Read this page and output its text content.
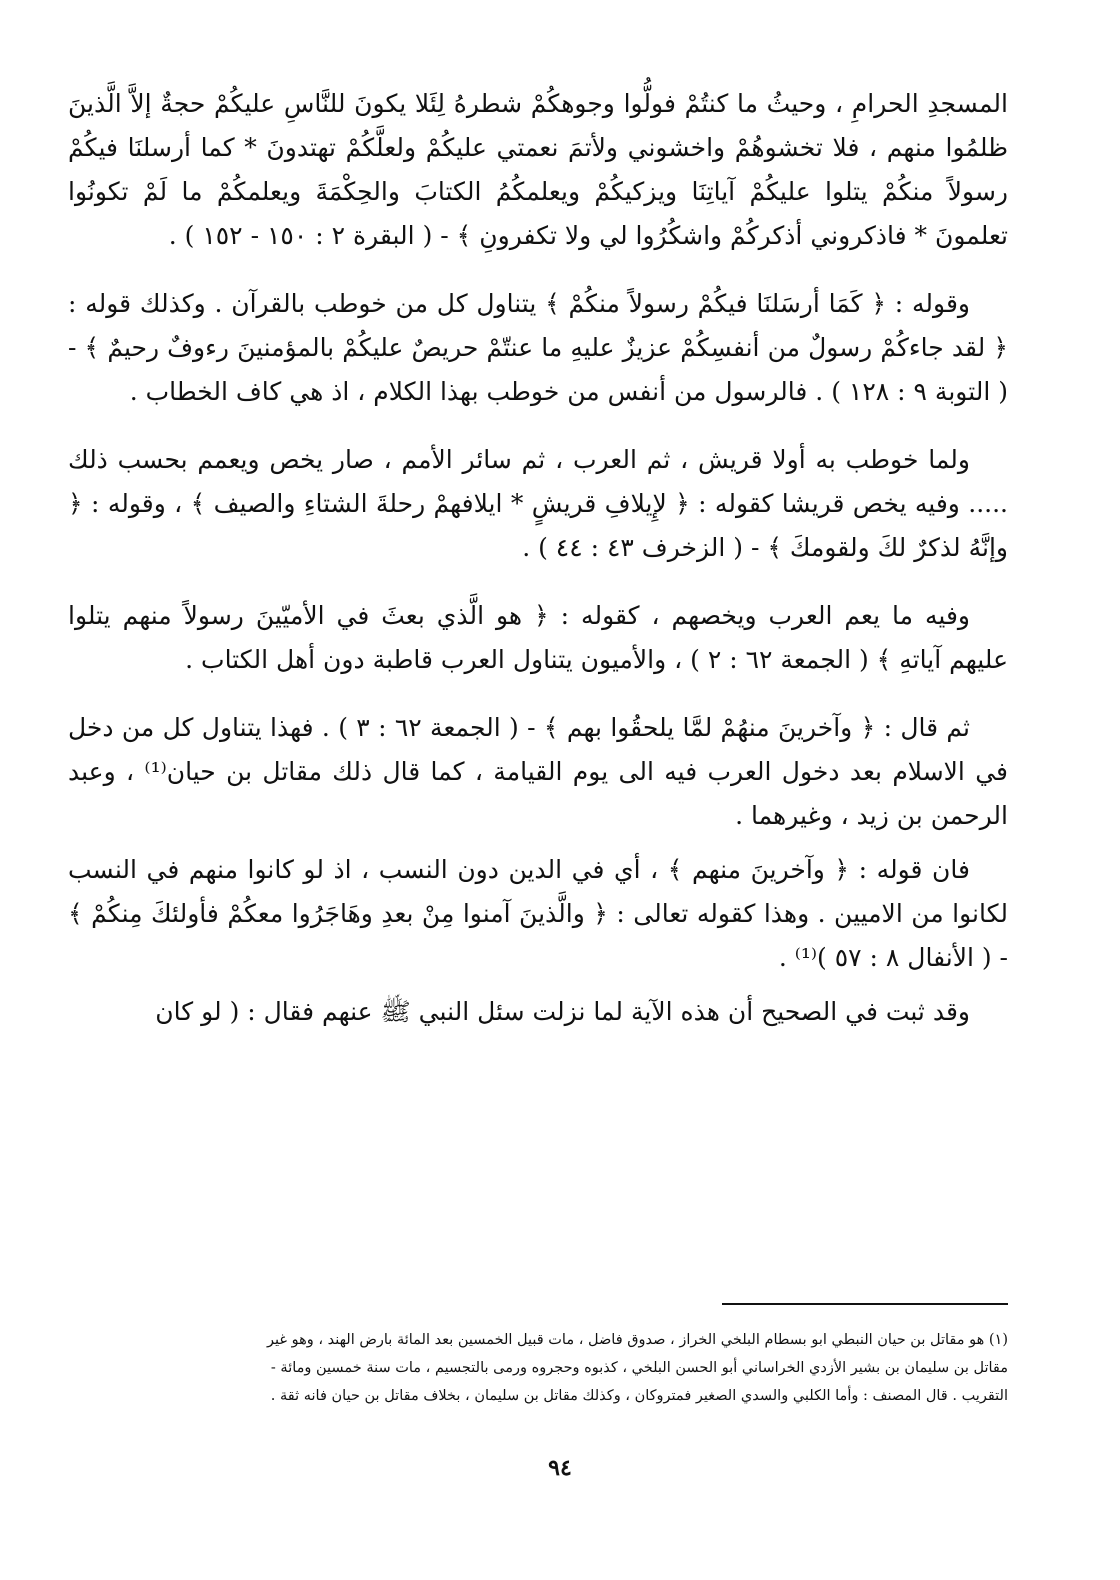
المسجدِ الحرامِ ، وحيثُ ما كنتُمْ فولُّوا وجوهكُمْ شطرهُ لِئَلا يكونَ للنَّاسِ عليكُمْ حجةٌ إلاَّ الَّذينَ ظلمُوا منهم ، فلا تخشوهُمْ واخشوني ولأتمَ نعمتي عليكُمْ ولعلَّكُمْ تهتدونَ * كما أرسلنَا فيكُمْ رسولاً منكُمْ يتلوا عليكُمْ آياتِنَا ويزكيكُمْ ويعلمكُمُ الكتابَ والحِكْمَةَ ويعلمكُمْ ما لَمْ تكونُوا تعلمونَ * فاذكروني أذكركُمْ واشكُرُوا لي ولا تكفرونِ ﴾ - ( البقرة ٢ : ١٥٠ - ١٥٢ ) .

وقوله : ﴿ كَمَا أرسَلنَا فيكُمْ رسولاً منكُمْ ﴾ يتناول كل من خوطب بالقرآن . وكذلك قوله : ﴿ لقد جاءكُمْ رسولٌ من أنفسِكُمْ عزيزٌ عليهِ ما عنتّمْ حريصٌ عليكُمْ بالمؤمنينَ رءوفٌ رحيمٌ ﴾ - ( التوبة ٩ : ١٢٨ ) . فالرسول من أنفس من خوطب بهذا الكلام ، اذ هي كاف الخطاب .

ولما خوطب به أولا قريش ، ثم العرب ، ثم سائر الأمم ، صار يخص ويعمم بحسب ذلك ..... وفيه يخص قريشا كقوله : ﴿ لإِيلافِ قريشٍ * ايلافهمْ رحلةَ الشتاءِ والصيف ﴾ ، وقوله : ﴿ وإنَّهُ لذكرٌ لكَ ولقومكَ ﴾ - ( الزخرف ٤٣ : ٤٤ ) .

وفيه ما يعم العرب ويخصهم ، كقوله : ﴿ هو الَّذي بعثَ في الأميّينَ رسولاً منهم يتلوا عليهم آياتهِ ﴾ ( الجمعة ٦٢ : ٢ ) ، والأميون يتناول العرب قاطبة دون أهل الكتاب .

ثم قال : ﴿ وآخرينَ منهُمْ لمَّا يلحقُوا بهم ﴾ - ( الجمعة ٦٢ : ٣ ) . فهذا يتناول كل من دخل في الاسلام بعد دخول العرب فيه الى يوم القيامة ، كما قال ذلك مقاتل بن حيان⁽¹⁾ ، وعبد الرحمن بن زيد ، وغيرهما .

فان قوله : ﴿ وآخرينَ منهم ﴾ ، أي في الدين دون النسب ، اذ لو كانوا منهم في النسب لكانوا من الاميين . وهذا كقوله تعالى : ﴿ والَّذينَ آمنوا مِنْ بعدِ وهَاجَرُوا معكُمْ فأولئكَ مِنكُمْ ﴾ - ( الأنفال ٨ : ٥٧ )⁽¹⁾ .

وقد ثبت في الصحيح أن هذه الآية لما نزلت سئل النبي ﷺ عنهم فقال : ( لو كان

(١) هو مقاتل بن حيان النبطي ابو بسطام البلخي الخراز ، صدوق فاضل ، مات قبيل الخمسين بعد المائة بارض الهند ، وهو غير

مقاتل بن سليمان بن بشير الأزدي الخراساني أبو الحسن البلخي ، كذبوه وحجروه ورمى بالتجسيم ، مات سنة خمسين ومائة -

التقريب . قال المصنف : وأما الكلبي والسدي الصغير فمتروكان ، وكذلك مقاتل بن سليمان ، بخلاف مقاتل بن حيان فانه ثقة .

٩٤
